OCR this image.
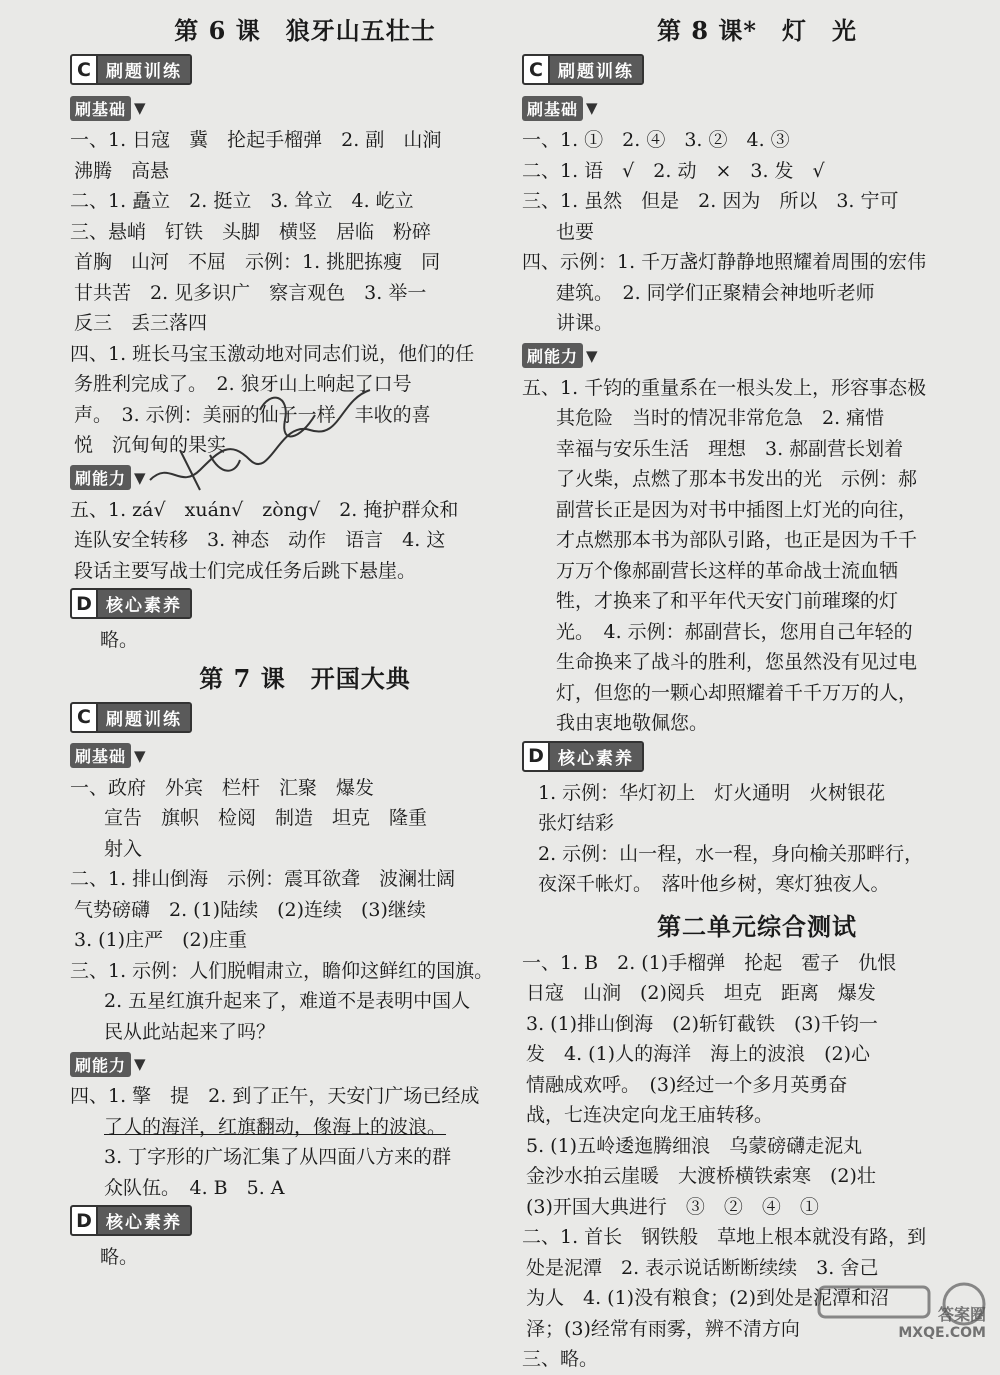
第 6 课　狼牙山五壮士
C 刷题训练
刷基础 ▼
一、1. 日寇　冀　抡起手榴弹　2. 副　山涧
沸腾　高悬
二、1. 矗立　2. 挺立　3. 耸立　4. 屹立
三、悬峭　钉铁　头脚　横竖　居临　粉碎
首胸　山河　不屈　示例：1. 挑肥拣瘦　同
甘共苦　2. 见多识广　察言观色　3. 举一
反三　丢三落四
四、1. 班长马宝玉激动地对同志们说，他们的任
务胜利完成了。　2. 狼牙山上响起了口号
声。　3. 示例：美丽的仙子一样　丰收的喜
悦　沉甸甸的果实
刷能力 ▼
五、1. zá√　xuán√　zòng√　2. 掩护群众和
连队安全转移　3. 神态　动作　语言　4. 这
段话主要写战士们完成任务后跳下悬崖。
D 核心素养
略。
第 7 课　开国大典
C 刷题训练
刷基础 ▼
一、政府　外宾　栏杆　汇聚　爆发
宣告　旗帜　检阅　制造　坦克　隆重
射入
二、1. 排山倒海　示例：震耳欲聋　波澜壮阔
气势磅礴　2. (1)陆续　(2)连续　(3)继续
3. (1)庄严　(2)庄重
三、1. 示例：人们脱帽肃立，瞻仰这鲜红的国旗。
2. 五星红旗升起来了，难道不是表明中国人
民从此站起来了吗？
刷能力 ▼
四、1. 擎　提　2. 到了正午，天安门广场已经成
了人的海洋，红旗翻动，像海上的波浪。
3. 丁字形的广场汇集了从四面八方来的群
众队伍。　4. B　5. A
D 核心素养
略。
第 8 课*　灯　光
C 刷题训练
刷基础 ▼
一、1. ①　2. ④　3. ②　4. ③
二、1. 语　√　2. 动　×　3. 发　√
三、1. 虽然　但是　2. 因为　所以　3. 宁可
也要
四、示例：1. 千万盏灯静静地照耀着周围的宏伟
建筑。　2. 同学们正聚精会神地听老师
讲课。
刷能力 ▼
五、1. 千钧的重量系在一根头发上，形容事态极
其危险　当时的情况非常危急　2. 痛惜
幸福与安乐生活　理想　3. 郝副营长划着
了火柴，点燃了那本书发出的光　示例：郝
副营长正是因为对书中插图上灯光的向往，
才点燃那本书为部队引路，也正是因为千千
万万个像郝副营长这样的革命战士流血牺
牲，才换来了和平年代天安门前璀璨的灯
光。　4. 示例：郝副营长，您用自己年轻的
生命换来了战斗的胜利，您虽然没有见过电
灯，但您的一颗心却照耀着千千万万的人，
我由衷地敬佩您。
D 核心素养
1. 示例：华灯初上　灯火通明　火树银花
张灯结彩
2. 示例：山一程，水一程，身向榆关那畔行，
夜深千帐灯。　落叶他乡树，寒灯独夜人。
第二单元综合测试
一、1. B　2. (1)手榴弹　抡起　雹子　仇恨
日寇　山涧　(2)阅兵　坦克　距离　爆发
3. (1)排山倒海　(2)斩钉截铁　(3)千钧一
发　4. (1)人的海洋　海上的波浪　(2)心
情融成欢呼。　(3)经过一个多月英勇奋
战，七连决定向龙王庙转移。
5. (1)五岭逶迤腾细浪　乌蒙磅礴走泥丸
金沙水拍云崖暖　大渡桥横铁索寒　(2)壮
(3)开国大典进行　③　②　④　①
二、1. 首长　钢铁般　草地上根本就没有路，到
处是泥潭　2. 表示说话断断续续　3. 舍己
为人　4. (1)没有粮食；(2)到处是泥潭和沼
泽；(3)经常有雨雾，辨不清方向
三、略。
答案圈
MXQE.COM
